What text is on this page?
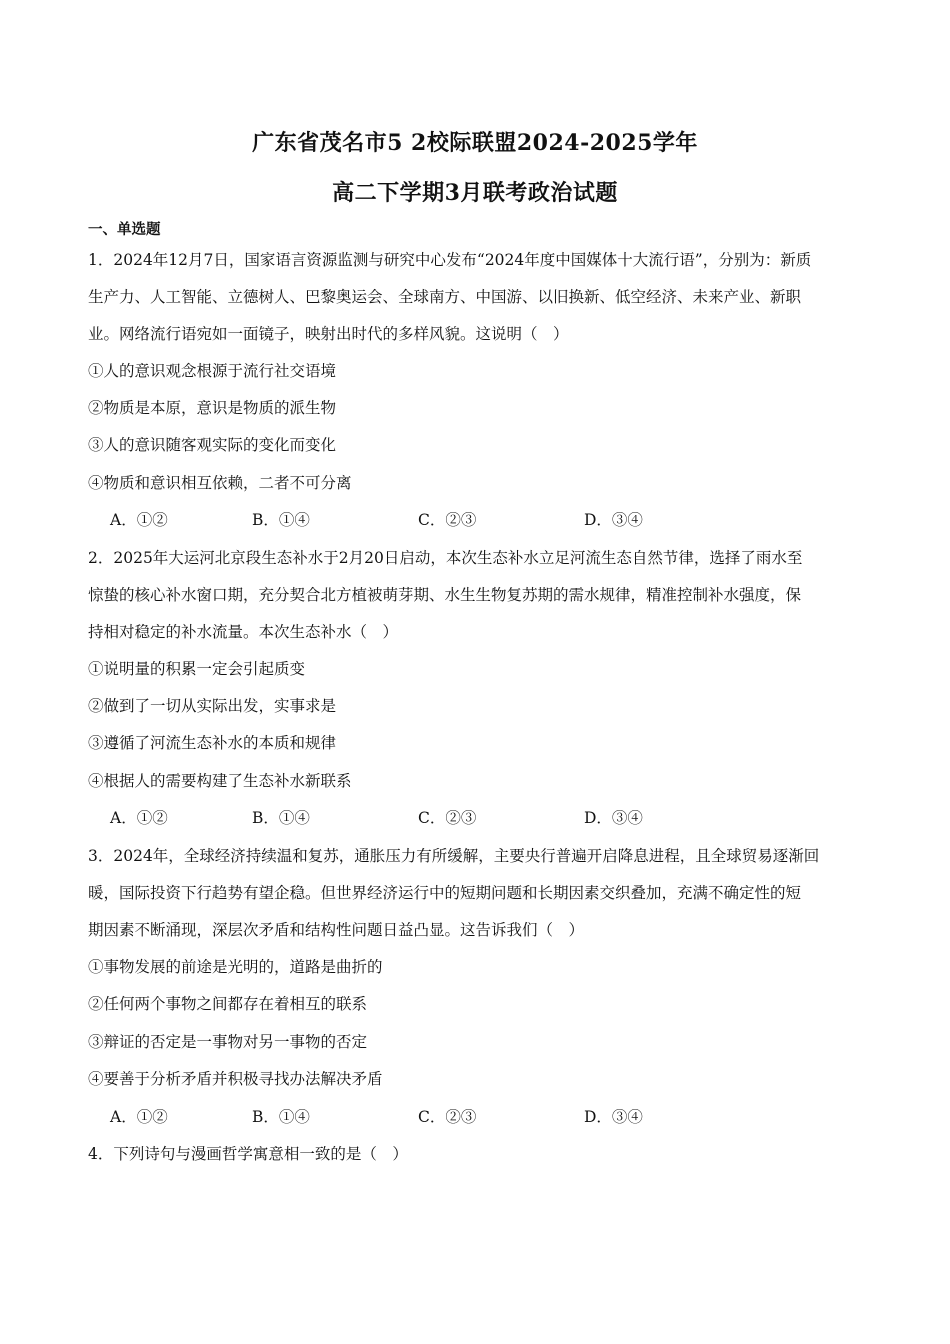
广东省茂名市5 2校际联盟2024-2025学年
高二下学期3月联考政治试题
一、单选题
1．2024年12月7日，国家语言资源监测与研究中心发布“2024年度中国媒体十大流行语”，分别为：新质
生产力、人工智能、立德树人、巴黎奥运会、全球南方、中国游、以旧换新、低空经济、未来产业、新职
业。网络流行语宛如一面镜子，映射出时代的多样风貌。这说明（　）
①人的意识观念根源于流行社交语境
②物质是本原，意识是物质的派生物
③人的意识随客观实际的变化而变化
④物质和意识相互依赖，二者不可分离
A．①②	B．①④	C．②③	D．③④
2．2025年大运河北京段生态补水于2月20日启动，本次生态补水立足河流生态自然节律，选择了雨水至
惊蛰的核心补水窗口期，充分契合北方植被萌芽期、水生生物复苏期的需水规律，精准控制补水强度，保
持相对稳定的补水流量。本次生态补水（　）
①说明量的积累一定会引起质变
②做到了一切从实际出发，实事求是
③遵循了河流生态补水的本质和规律
④根据人的需要构建了生态补水新联系
A．①②	B．①④	C．②③	D．③④
3．2024年，全球经济持续温和复苏，通胀压力有所缓解，主要央行普遍开启降息进程，且全球贸易逐渐回
暖，国际投资下行趋势有望企稳。但世界经济运行中的短期问题和长期因素交织叠加，充满不确定性的短
期因素不断涌现，深层次矛盾和结构性问题日益凸显。这告诉我们（　）
①事物发展的前途是光明的，道路是曲折的
②任何两个事物之间都存在着相互的联系
③辩证的否定是一事物对另一事物的否定
④要善于分析矛盾并积极寻找办法解决矛盾
A．①②	B．①④	C．②③	D．③④
4．下列诗句与漫画哲学寓意相一致的是（　）
